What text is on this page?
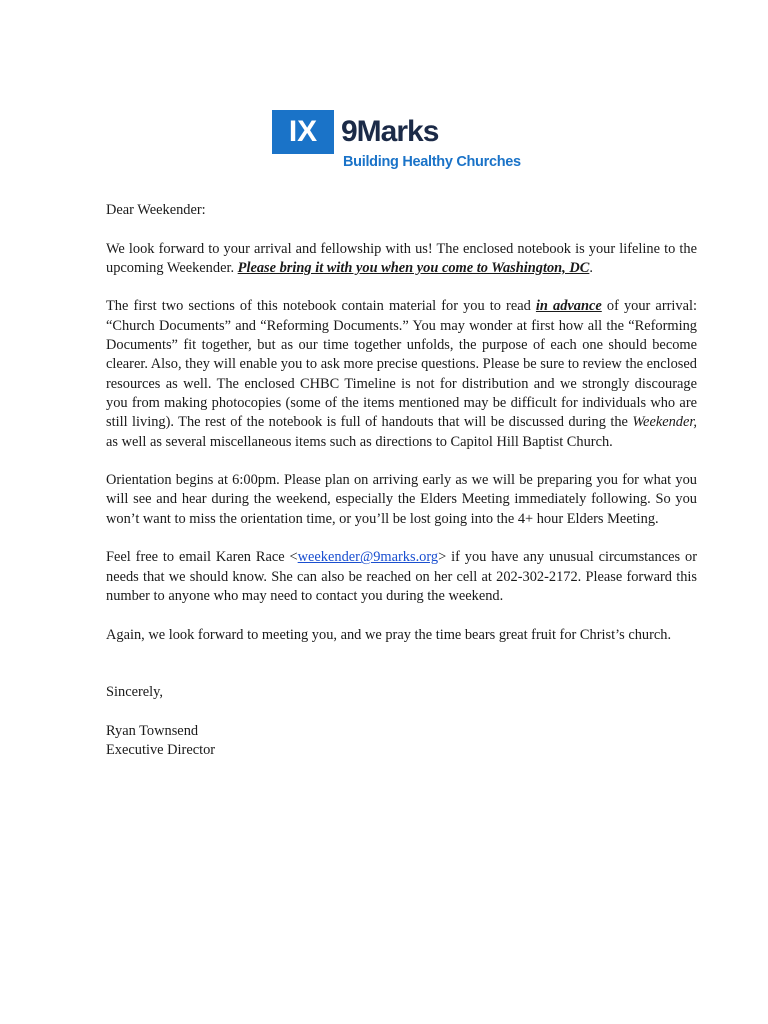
IX 9Marks
Building Healthy Churches

Dear Weekender:

We look forward to your arrival and fellowship with us! The enclosed notebook is your lifeline to the upcoming Weekender. Please bring it with you when you come to Washington, DC.

The first two sections of this notebook contain material for you to read in advance of your arrival: “Church Documents” and “Reforming Documents.” You may wonder at first how all the “Reforming Documents” fit together, but as our time together unfolds, the purpose of each one should become clearer. Also, they will enable you to ask more precise questions. Please be sure to review the enclosed resources as well. The enclosed CHBC Timeline is not for distribution and we strongly discourage you from making photocopies (some of the items mentioned may be difficult for individuals who are still living). The rest of the notebook is full of handouts that will be discussed during the Weekender, as well as several miscellaneous items such as directions to Capitol Hill Baptist Church.

Orientation begins at 6:00pm. Please plan on arriving early as we will be preparing you for what you will see and hear during the weekend, especially the Elders Meeting immediately following. So you won’t want to miss the orientation time, or you’ll be lost going into the 4+ hour Elders Meeting.

Feel free to email Karen Race <weekender@9marks.org> if you have any unusual circumstances or needs that we should know. She can also be reached on her cell at 202-302-2172. Please forward this number to anyone who may need to contact you during the weekend.

Again, we look forward to meeting you, and we pray the time bears great fruit for Christ’s church.

Sincerely,

Ryan Townsend
Executive Director
